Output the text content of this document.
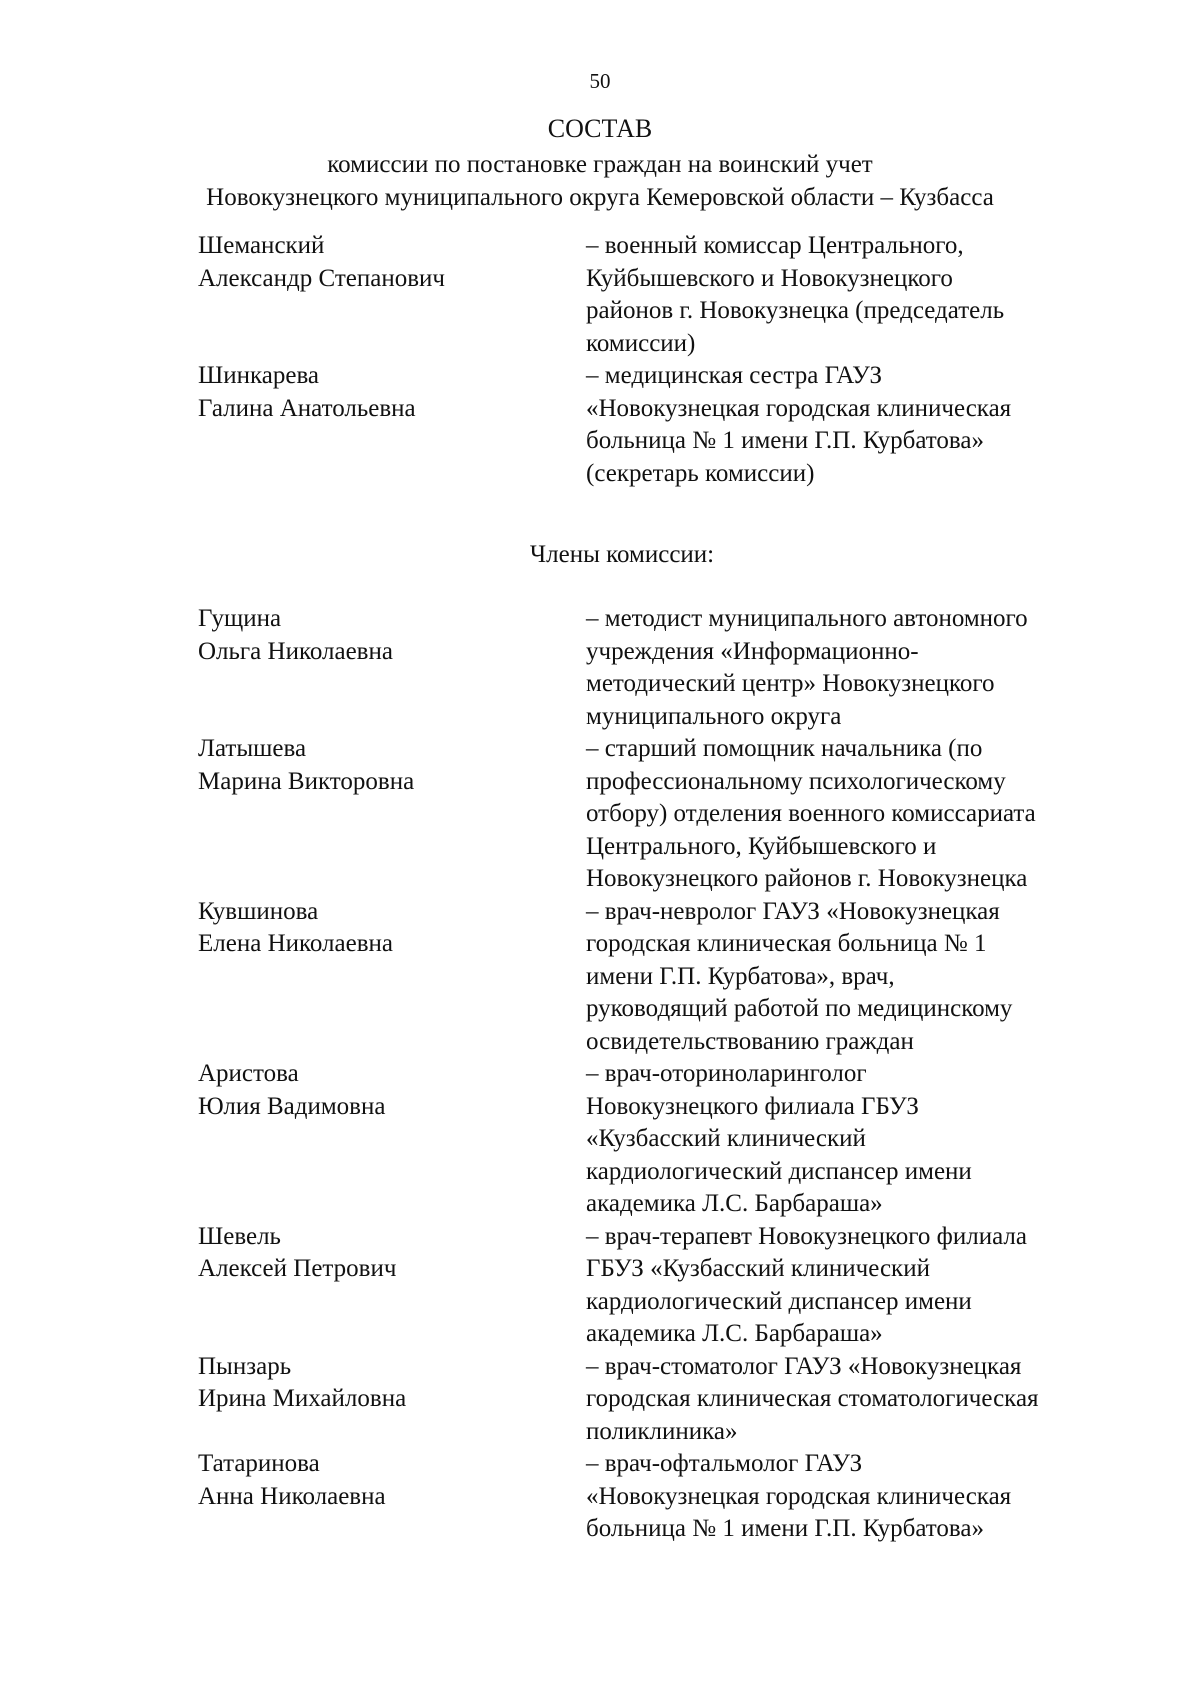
50
СОСТАВ
комиссии по постановке граждан на воинский учет
Новокузнецкого муниципального округа Кемеровской области – Кузбасса
Шеманский
Александр Степанович
– военный комиссар Центрального,
Куйбышевского и Новокузнецкого
районов г. Новокузнецка (председатель
комиссии)
Шинкарева
Галина Анатольевна
– медицинская сестра ГАУЗ
«Новокузнецкая городская клиническая
больница № 1 имени Г.П. Курбатова»
(секретарь комиссии)
Члены комиссии:
Гущина
Ольга Николаевна
– методист муниципального автономного
учреждения «Информационно-
методический центр» Новокузнецкого
муниципального округа
Латышева
Марина Викторовна
– старший помощник начальника (по
профессиональному психологическому
отбору) отделения военного комиссариата
Центрального, Куйбышевского и
Новокузнецкого районов г. Новокузнецка
Кувшинова
Елена Николаевна
– врач-невролог ГАУЗ «Новокузнецкая
городская клиническая больница № 1
имени Г.П. Курбатова», врач,
руководящий работой по медицинскому
освидетельствованию граждан
Аристова
Юлия Вадимовна
– врач-оториноларинголог
Новокузнецкого филиала ГБУЗ
«Кузбасский клинический
кардиологический диспансер имени
академика Л.С. Барбараша»
Шевель
Алексей Петрович
– врач-терапевт Новокузнецкого филиала
ГБУЗ «Кузбасский клинический
кардиологический диспансер имени
академика Л.С. Барбараша»
Пынзарь
Ирина Михайловна
– врач-стоматолог ГАУЗ «Новокузнецкая
городская клиническая стоматологическая
поликлиника»
Татаринова
Анна Николаевна
– врач-офтальмолог ГАУЗ
«Новокузнецкая городская клиническая
больница № 1 имени Г.П. Курбатова»
